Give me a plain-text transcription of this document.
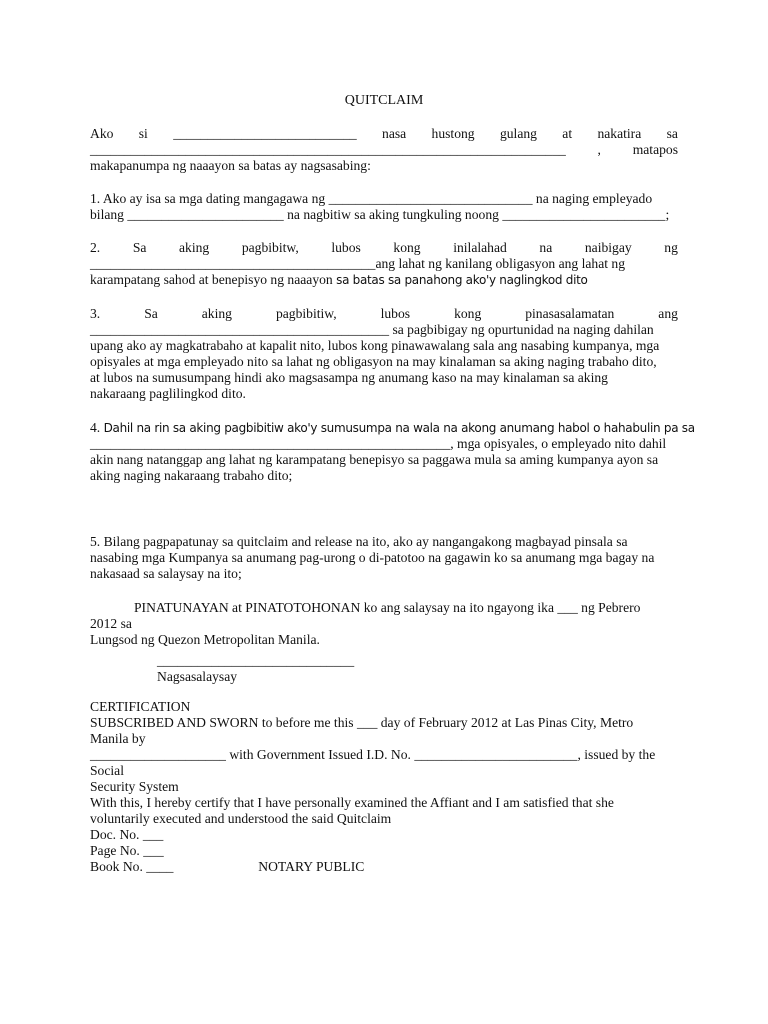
QUITCLAIM
Ako si ___________________________ nasa hustong gulang at nakatira sa
______________________________________________________________________ , matapos
makapanumpa ng naaayon sa batas ay nagsasabing:
1. Ako ay isa sa mga dating mangagawa ng ______________________________ na naging empleyado
bilang _______________________ na nagbitiw sa aking tungkuling noong ________________________;
2. Sa aking pagbibitw, lubos kong inilalahad na naibigay ng
__________________________________________ang lahat ng kanilang obligasyon ang lahat ng
karampatang sahod at benepisyo ng naaayon sa batas sa panahong ako'y naglingkod dito
3.	Sa	aking	pagbibitiw,	lubos	kong	pinasasalamatan	ang
____________________________________________ sa pagbibigay ng opurtunidad na naging dahilan
upang ako ay magkatrabaho at kapalit nito, lubos kong pinawawalang sala ang nasabing kumpanya, mga
opisyales at mga empleyado nito sa lahat ng obligasyon na may kinalaman sa aking naging trabaho dito,
at lubos na sumusumpang hindi ako magsasampa ng anumang kaso na may kinalaman sa aking
nakaraang paglilingkod dito.
4. Dahil na rin sa aking pagbibitiw ako'y sumusumpa na wala na akong anumang habol o hahabulin pa sa
_____________________________________________________, mga opisyales, o empleyado nito dahil
akin nang natanggap ang lahat ng karampatang benepisyo sa paggawa mula sa aming kumpanya ayon sa
aking naging nakaraang trabaho dito;
5. Bilang pagpapatunay sa quitclaim and release na ito, ako ay nangangakong magbayad pinsala sa
nasabing mga Kumpanya sa anumang pag-urong o di-patotoo na gagawin ko sa anumang mga bagay na
nakasaad sa salaysay na ito;
PINATUNAYAN at PINATOTOHONAN ko ang salaysay na ito ngayong ika ___ ng Pebrero
2012 sa
Lungsod ng Quezon Metropolitan Manila.
_____________________________
Nagsasalaysay
CERTIFICATION
SUBSCRIBED AND SWORN to before me this ___ day of February 2012 at Las Pinas City, Metro
Manila by
____________________ with Government Issued I.D. No. ________________________, issued by the
Social
Security System
With this, I hereby certify that I have personally examined the Affiant and I am satisfied that she
voluntarily executed and understood the said Quitclaim
Doc. No. ___
Page No. ___
Book No. ____	NOTARY PUBLIC
